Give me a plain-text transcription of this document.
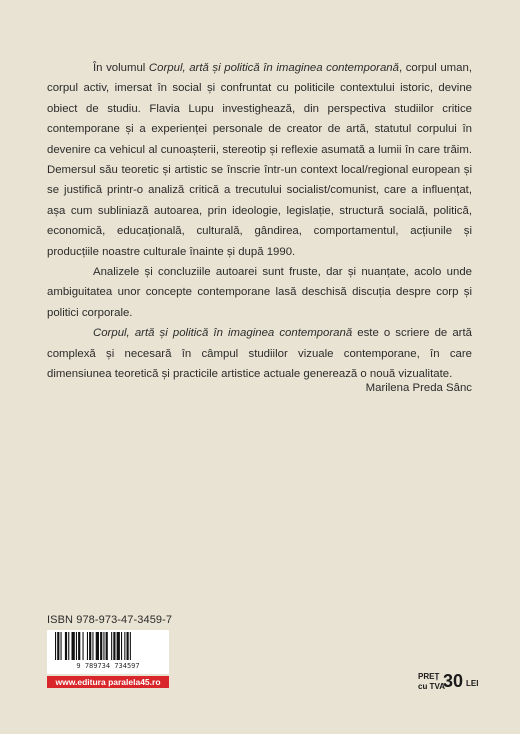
În volumul Corpul, artă și politică în imaginea contemporană, corpul uman, corpul activ, imersat în social și confruntat cu politicile contextului istoric, devine obiect de studiu. Flavia Lupu investighează, din perspectiva studiilor critice contemporane și a experienței personale de creator de artă, statutul corpului în devenire ca vehicul al cunoașterii, stereotip și reflexie asumată a lumii în care trăim. Demersul său teoretic și artistic se înscrie într-un context local/regional european și se justifică printr-o analiză critică a trecutului socialist/comunist, care a influențat, așa cum subliniază autoarea, prin ideologie, legislație, structură socială, politică, economică, educațională, culturală, gândirea, comportamentul, acțiunile și producțiile noastre culturale înainte și după 1990.

Analizele și concluziile autoarei sunt fruste, dar și nuanțate, acolo unde ambiguitatea unor concepte contemporane lasă deschisă discuția despre corp și politici corporale.

Corpul, artă și politică în imaginea contemporană este o scriere de artă complexă și necesară în câmpul studiilor vizuale contemporane, în care dimensiunea teoretică și practicile artistice actuale generează o nouă vizualitate.

Marilena Preda Sânc
ISBN 978-973-47-3459-7
9 789734 734597
www.editura paralela45.ro
PREȚ
cu TVA
30 LEI
